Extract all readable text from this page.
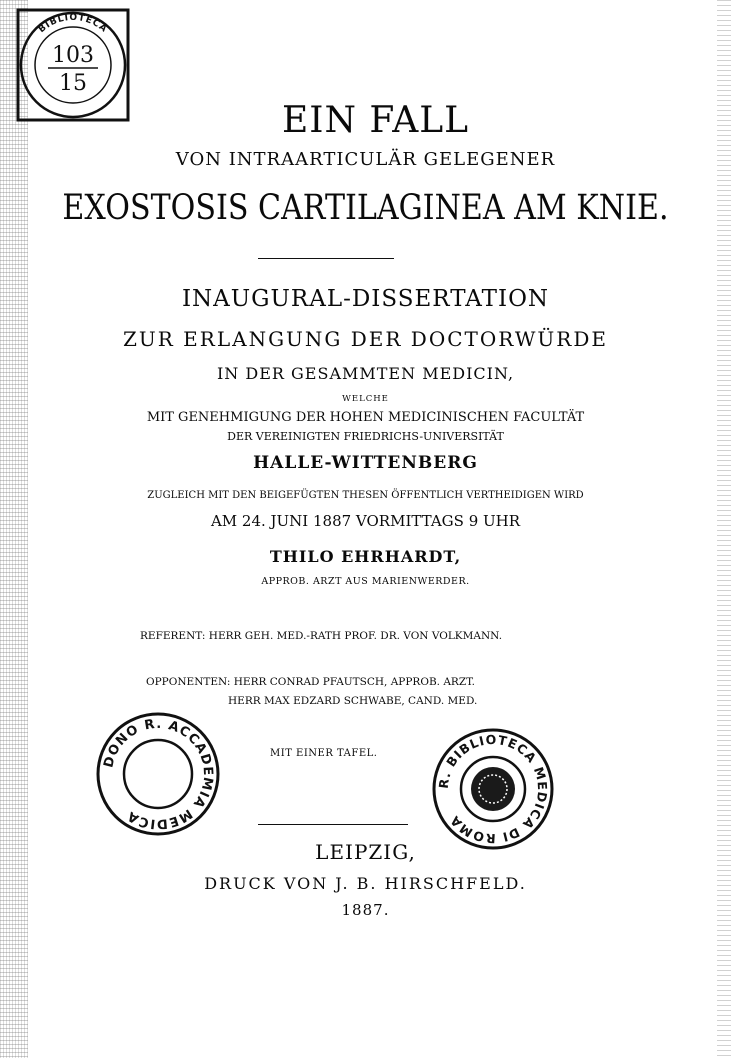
BIBLIOTECA
103
15
EIN FALL
VON INTRAARTICULÄR GELEGENER
EXOSTOSIS CARTILAGINEA AM KNIE.
INAUGURAL-DISSERTATION
ZUR ERLANGUNG DER DOCTORWÜRDE
IN DER GESAMMTEN MEDICIN,
WELCHE
MIT GENEHMIGUNG DER HOHEN MEDICINISCHEN FACULTÄT
DER VEREINIGTEN FRIEDRICHS-UNIVERSITÄT
HALLE-WITTENBERG
ZUGLEICH MIT DEN BEIGEFÜGTEN THESEN ÖFFENTLICH VERTHEIDIGEN WIRD
AM 24. JUNI 1887 VORMITTAGS 9 UHR
THILO EHRHARDT,
APPROB. ARZT AUS MARIENWERDER.
REFERENT: HERR GEH. MED.-RATH PROF. DR. VON VOLKMANN.
OPPONENTEN: HERR CONRAD PFAUTSCH, APPROB. ARZT.
HERR MAX EDZARD SCHWABE, CAND. MED.
MIT EINER TAFEL.
DONO R. ACCADEMIA MEDICA
R. BIBLIOTECA MEDICA DI ROMA
LEIPZIG,
DRUCK VON J. B. HIRSCHFELD.
1887.
